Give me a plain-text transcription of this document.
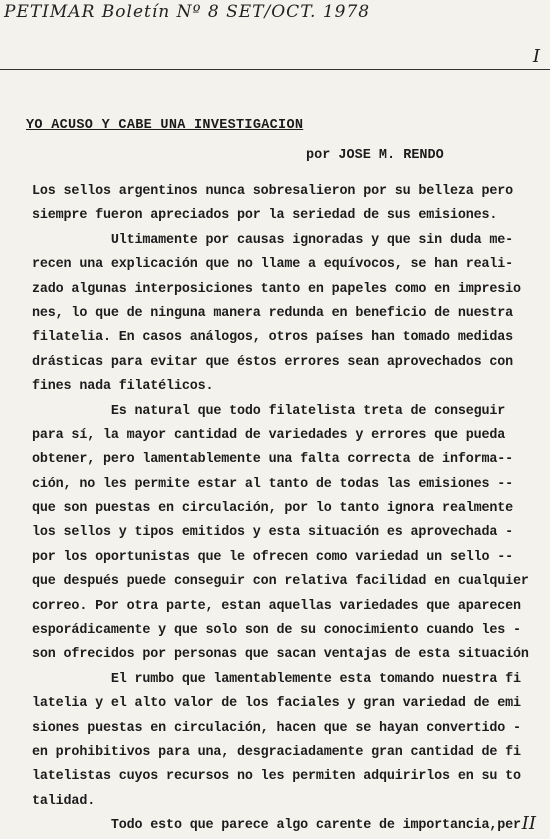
PETIMAR Boletín Nº 8 SET/OCT. 1978
I
YO ACUSO Y CABE UNA INVESTIGACION
por JOSE M. RENDO
Los sellos argentinos nunca sobresalieron por su belleza pero
siempre fueron apreciados por la seriedad de sus emisiones.
Ultimamente por causas ignoradas y que sin duda me-
recen una explicación que no llame a equívocos, se han reali-
zado algunas interposiciones tanto en papeles como en impresio
nes, lo que de ninguna manera redunda en beneficio de nuestra
filatelia. En casos análogos, otros países han tomado medidas
drásticas para evitar que éstos errores sean aprovechados con
fines nada filatélicos.
Es natural que todo filatelista treta de conseguir
para sí, la mayor cantidad de variedades y errores que pueda
obtener, pero lamentablemente una falta correcta de informa--
ción, no les permite estar al tanto de todas las emisiones --
que son puestas en circulación, por lo tanto ignora realmente
los sellos y tipos emitidos y esta situación es aprovechada -
por los oportunistas que le ofrecen como variedad un sello --
que después puede conseguir con relativa facilidad en cualquier
correo. Por otra parte, estan aquellas variedades que aparecen
esporádicamente y que solo son de su conocimiento cuando les -
son ofrecidos por personas que sacan ventajas de esta situación
El rumbo que lamentablemente esta tomando nuestra fi
latelia y el alto valor de los faciales y gran variedad de emi
siones puestas en circulación, hacen que se hayan convertido -
en prohibitivos para una, desgraciadamente gran cantidad de fi
latelistas cuyos recursos no les permiten adquirirlos en su to
talidad.
Todo esto que parece algo carente de importancia,per II
